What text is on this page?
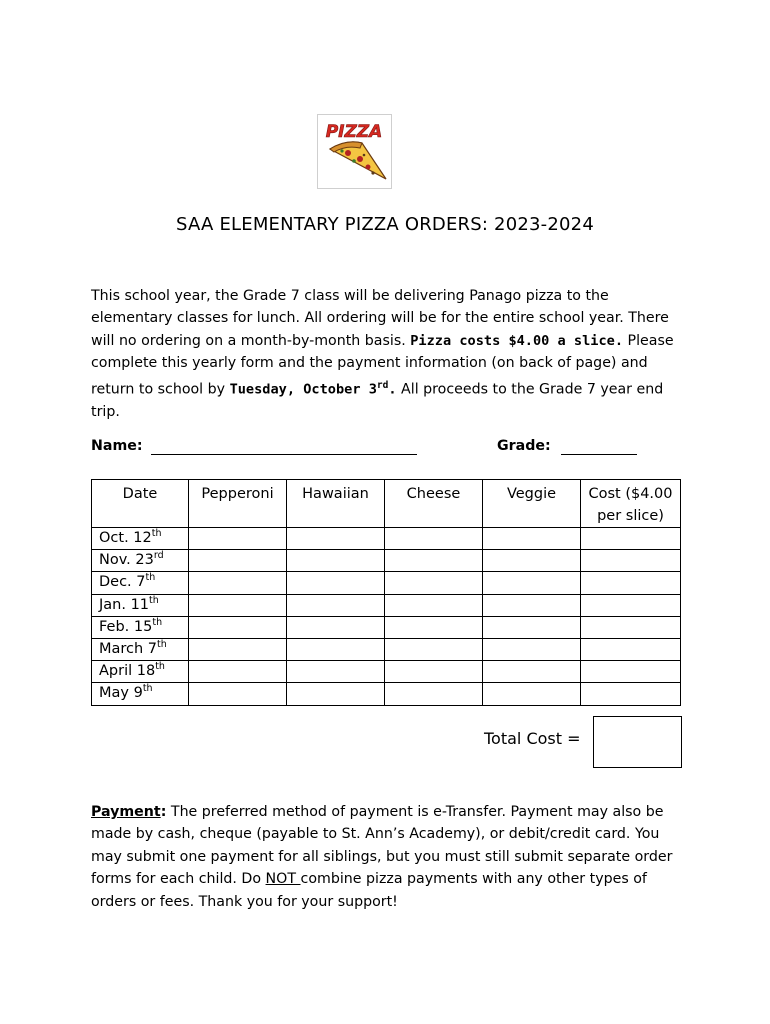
PIZZA
SAA ELEMENTARY PIZZA ORDERS: 2023-2024

This school year, the Grade 7 class will be delivering Panago pizza to the elementary classes for lunch. All ordering will be for the entire school year. There will no ordering on a month-by-month basis. Pizza costs $4.00 a slice. Please complete this yearly form and the payment information (on back of page) and return to school by Tuesday, October 3rd. All proceeds to the Grade 7 year end trip.

Name:	Grade:
Date	Pepperoni	Hawaiian	Cheese	Veggie	Cost ($4.00 per slice)
Oct. 12th					
Nov. 23rd					
Dec. 7th					
Jan. 11th					
Feb. 15th					
March 7th					
April 18th					
May 9th					
Total Cost =

Payment: The preferred method of payment is e-Transfer. Payment may also be made by cash, cheque (payable to St. Ann’s Academy), or debit/credit card. You may submit one payment for all siblings, but you must still submit separate order forms for each child. Do NOT combine pizza payments with any other types of orders or fees. Thank you for your support!
